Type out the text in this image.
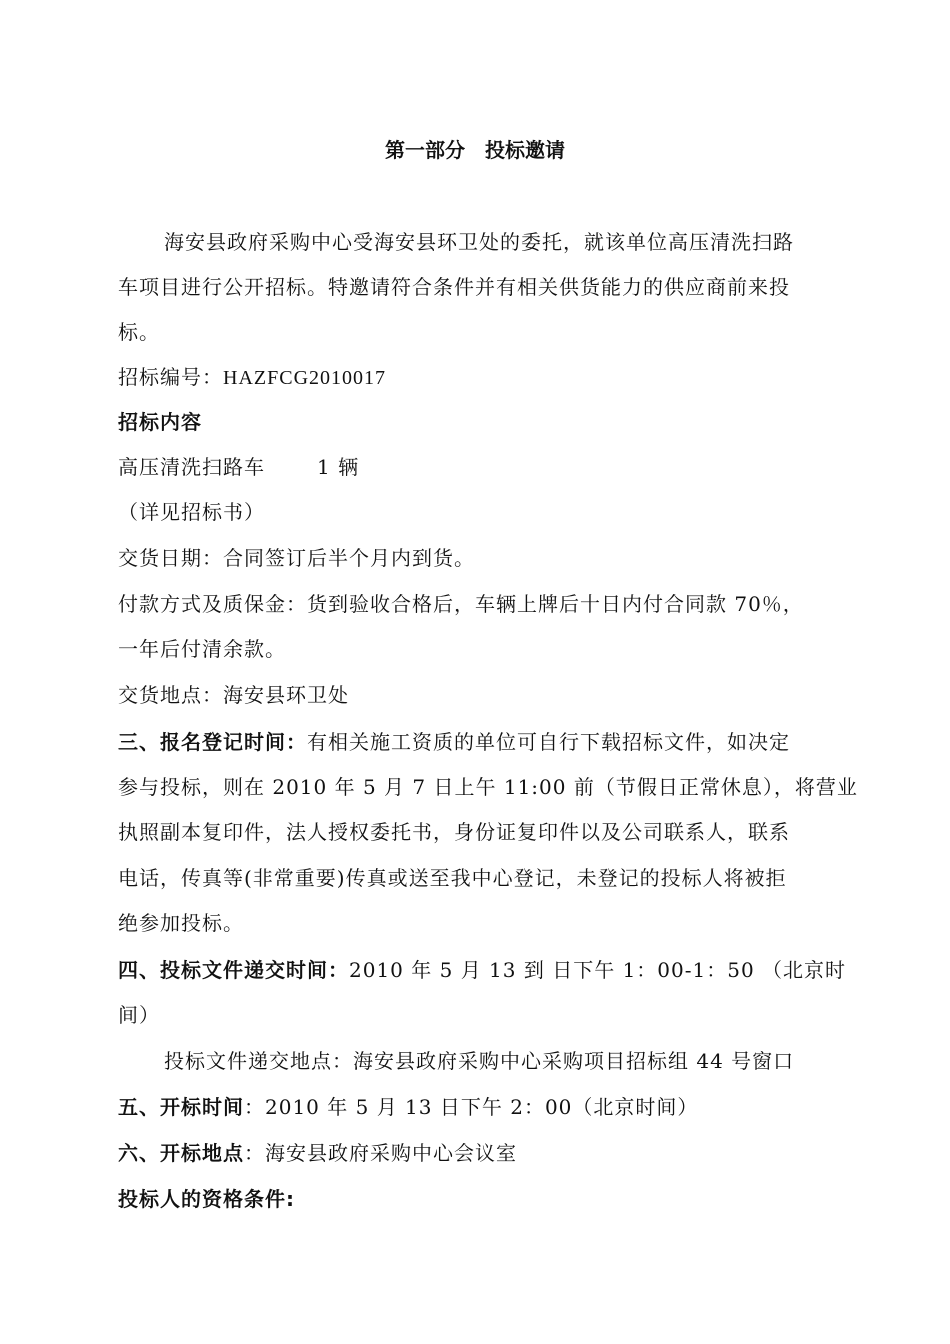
第一部分　投标邀请
海安县政府采购中心受海安县环卫处的委托，就该单位高压清洗扫路
车项目进行公开招标。特邀请符合条件并有相关供货能力的供应商前来投
标。
招标编号：HAZFCG2010017
招标内容
高压清洗扫路车	1 辆
（详见招标书）
交货日期：合同签订后半个月内到货。
付款方式及质保金：货到验收合格后，车辆上牌后十日内付合同款 70％，
一年后付清余款。
交货地点：海安县环卫处
三、报名登记时间：有相关施工资质的单位可自行下载招标文件，如决定
参与投标，则在 2010 年 5 月 7 日上午 11:00 前（节假日正常休息），将营业
执照副本复印件，法人授权委托书，身份证复印件以及公司联系人，联系
电话，传真等(非常重要)传真或送至我中心登记，未登记的投标人将被拒
绝参加投标。
四、投标文件递交时间：2010 年 5 月 13 到 日下午 1：00-1：50 （北京时
间）
投标文件递交地点：海安县政府采购中心采购项目招标组 44 号窗口
五、开标时间：2010 年 5 月 13 日下午 2：00（北京时间）
六、开标地点：海安县政府采购中心会议室
投标人的资格条件:
